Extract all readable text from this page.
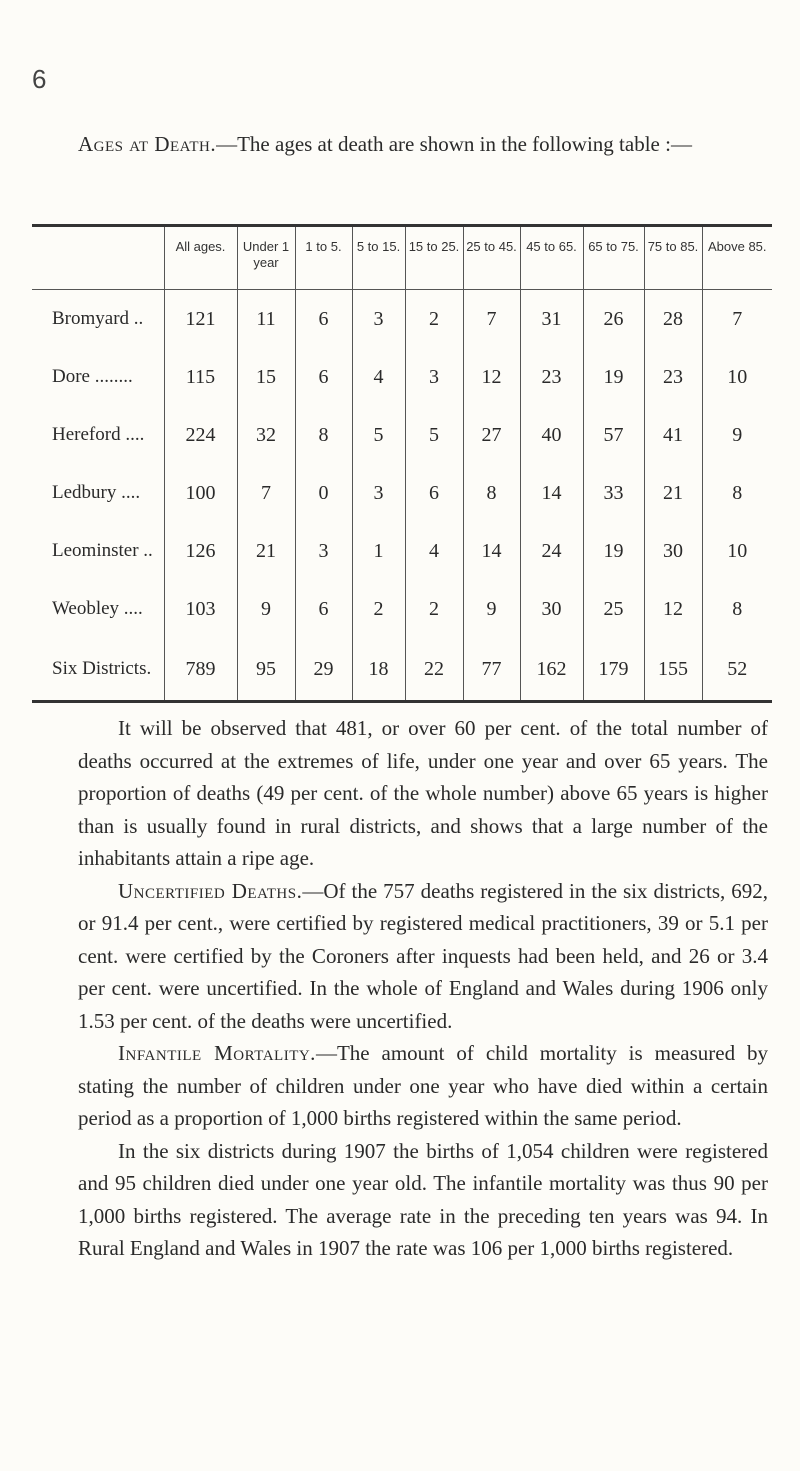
6

Ages at Death.—The ages at death are shown in the following table :—

	All ages.	Under 1 year	1 to 5.	5 to 15.	15 to 25.	25 to 45.	45 to 65.	65 to 75.	75 to 85.	Above 85.
Bromyard ..	121	11	6	3	2	7	31	26	28	7
Dore ........	115	15	6	4	3	12	23	19	23	10
Hereford ....	224	32	8	5	5	27	40	57	41	9
Ledbury ....	100	7	0	3	6	8	14	33	21	8
Leominster ..	126	21	3	1	4	14	24	19	30	10
Weobley ....	103	9	6	2	2	9	30	25	12	8
Six Districts.	789	95	29	18	22	77	162	179	155	52

It will be observed that 481, or over 60 per cent. of the total number of deaths occurred at the extremes of life, under one year and over 65 years. The proportion of deaths (49 per cent. of the whole number) above 65 years is higher than is usually found in rural districts, and shows that a large number of the inhabitants attain a ripe age.

Uncertified Deaths.—Of the 757 deaths registered in the six districts, 692, or 91.4 per cent., were certified by registered medical practitioners, 39 or 5.1 per cent. were certified by the Coroners after inquests had been held, and 26 or 3.4 per cent. were uncertified. In the whole of England and Wales during 1906 only 1.53 per cent. of the deaths were uncertified.

Infantile Mortality.—The amount of child mortality is measured by stating the number of children under one year who have died within a certain period as a proportion of 1,000 births registered within the same period.

In the six districts during 1907 the births of 1,054 children were registered and 95 children died under one year old. The infantile mortality was thus 90 per 1,000 births registered. The average rate in the preceding ten years was 94. In Rural England and Wales in 1907 the rate was 106 per 1,000 births registered.
